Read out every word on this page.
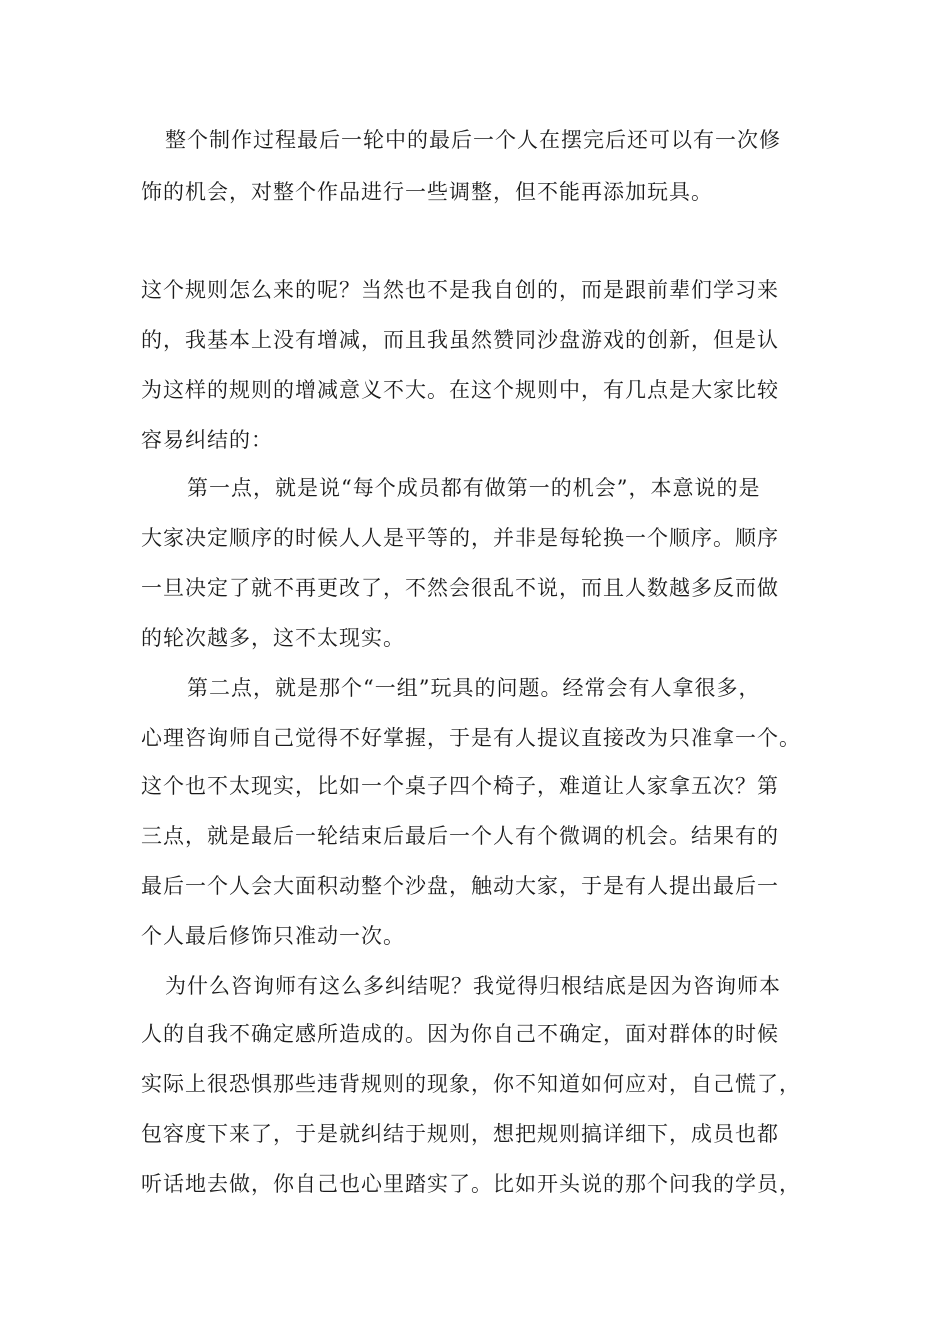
整个制作过程最后一轮中的最后一个人在摆完后还可以有一次修
饰的机会，对整个作品进行一些调整，但不能再添加玩具。
这个规则怎么来的呢？当然也不是我自创的，而是跟前辈们学习来
的，我基本上没有增减，而且我虽然赞同沙盘游戏的创新，但是认
为这样的规则的增减意义不大。在这个规则中，有几点是大家比较
容易纠结的：
第一点，就是说“每个成员都有做第一的机会”，本意说的是
大家决定顺序的时候人人是平等的，并非是每轮换一个顺序。顺序
一旦决定了就不再更改了，不然会很乱不说，而且人数越多反而做
的轮次越多，这不太现实。
第二点，就是那个“一组”玩具的问题。经常会有人拿很多，
心理咨询师自己觉得不好掌握，于是有人提议直接改为只准拿一个。
这个也不太现实，比如一个桌子四个椅子，难道让人家拿五次？第
三点，就是最后一轮结束后最后一个人有个微调的机会。结果有的
最后一个人会大面积动整个沙盘，触动大家，于是有人提出最后一
个人最后修饰只准动一次。
为什么咨询师有这么多纠结呢？我觉得归根结底是因为咨询师本
人的自我不确定感所造成的。因为你自己不确定，面对群体的时候
实际上很恐惧那些违背规则的现象，你不知道如何应对，自己慌了，
包容度下来了，于是就纠结于规则，想把规则搞详细下，成员也都
听话地去做，你自己也心里踏实了。比如开头说的那个问我的学员，
